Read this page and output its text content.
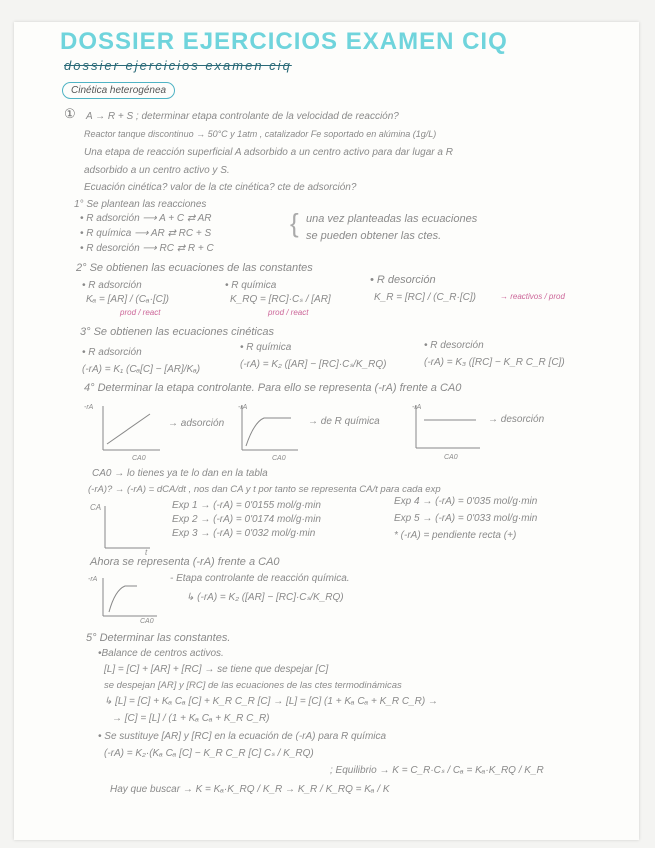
DOSSIER EJERCICIOS EXAMEN CIQ
dossier ejercicios examen ciq
Cinética heterogénea
① A → R + S ; determinar etapa controlante de la velocidad de reacción?
Reactor tanque discontinuo → 50°C y 1atm , catalizador Fe soportado en alúmina (1g/L)
Una etapa de reacción superficial A adsorbido a un centro activo para dar lugar a R
adsorbido a un centro activo y S.
Ecuación cinética? valor de la cte cinética? cte de adsorción?
1° Se plantean las reacciones
• R adsorción ⟶ A + C ⇄ AR
• R química ⟶ AR ⇄ RC + S
• R desorción ⟶ RC ⇄ R + C
{ una vez planteadas las ecuaciones
se pueden obtener las ctes.
2° Se obtienen las ecuaciones de las constantes
• R adsorción
Kₐ = [AR] / (Cₐ·[C])
prod / react
• R química
K_RQ = [RC]·Cₛ / [AR]
prod / react
• R desorción
K_R = [RC] / (C_R·[C])	→ reactivos / prod
3° Se obtienen las ecuaciones cinéticas
• R adsorción
(-rA) = K₁ (Cₐ[C] − [AR]/Kₐ)
• R química
(-rA) = K₂ ([AR] − [RC]·Cₛ/K_RQ)
• R desorción
(-rA) = K₃ ([RC] − K_R C_R [C])
4° Determinar la etapa controlante. Para ello se representa (-rA) frente a CA0
-rA
CA0
→ adsorción
-rA
CA0
→ de R química
-rA
CA0
→ desorción
CA0 → lo tienes ya te lo dan en la tabla
(-rA)? → (-rA) = dCA/dt , nos dan CA y t por tanto se representa CA/t para cada exp
CA
t
Exp 1 → (-rA) = 0'0155 mol/g·min
Exp 2 → (-rA) = 0'0174 mol/g·min
Exp 3 → (-rA) = 0'032 mol/g·min
Exp 4 → (-rA) = 0'035 mol/g·min
Exp 5 → (-rA) = 0'033 mol/g·min
* (-rA) = pendiente recta (+)
Ahora se representa (-rA) frente a CA0
-rA
CA0
- Etapa controlante de reacción química.
↳ (-rA) = K₂ ([AR] − [RC]·Cₛ/K_RQ)
5° Determinar las constantes.
•Balance de centros activos.
[L] = [C] + [AR] + [RC] → se tiene que despejar [C]
se despejan [AR] y [RC] de las ecuaciones de las ctes termodinámicas
↳ [L] = [C] + Kₐ Cₐ [C] + K_R C_R [C] → [L] = [C] (1 + Kₐ Cₐ + K_R C_R) →
→ [C] = [L] / (1 + Kₐ Cₐ + K_R C_R)
• Se sustituye [AR] y [RC] en la ecuación de (-rA) para R química
(-rA) = K₂·(Kₐ Cₐ [C] − K_R C_R [C] Cₛ / K_RQ)
; Equilibrio → K = C_R·Cₛ / Cₐ = Kₐ·K_RQ / K_R
Hay que buscar → K = Kₐ·K_RQ / K_R → K_R / K_RQ = Kₐ / K
